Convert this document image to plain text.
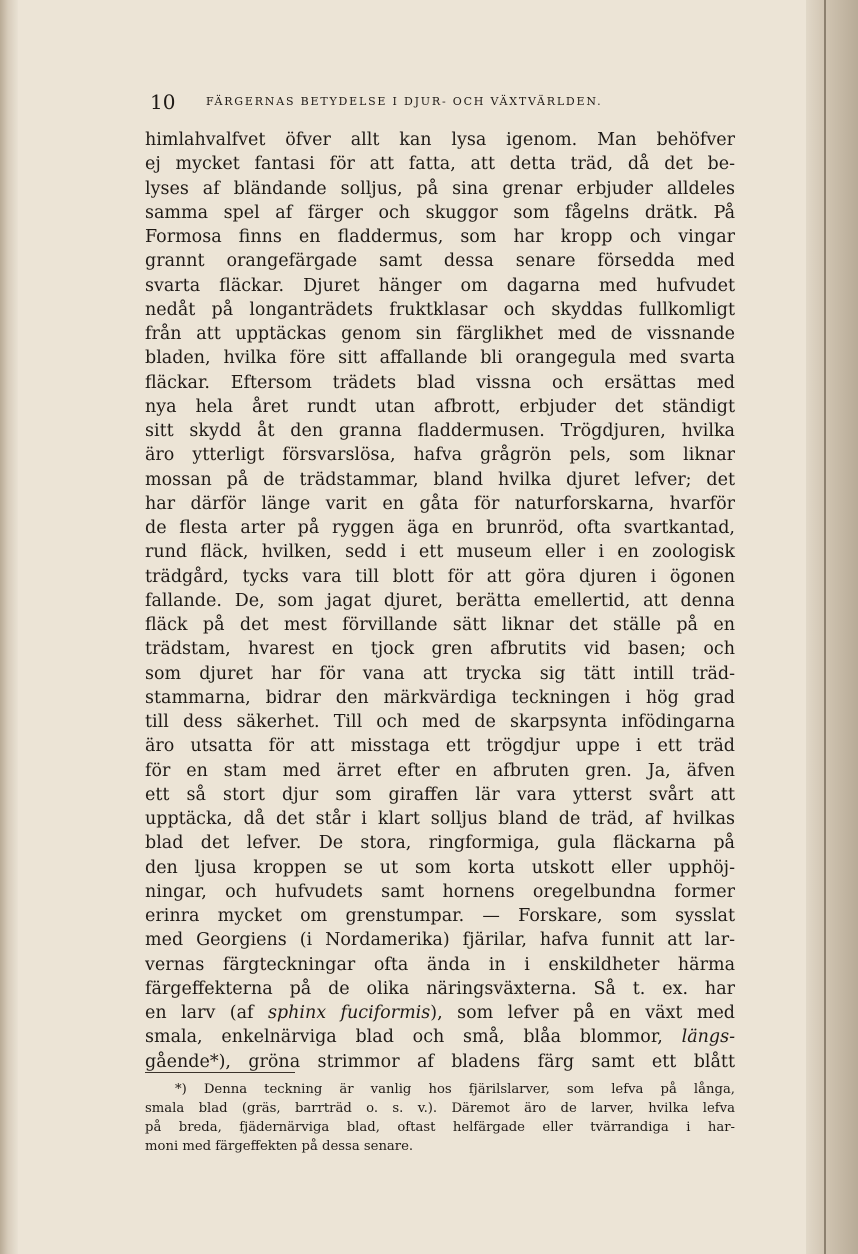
10	FÄRGERNAS BETYDELSE I DJUR- OCH VÄXTVÄRLDEN.
himlahvalfvet öfver allt kan lysa igenom. Man behöfver
ej mycket fantasi för att fatta, att detta träd, då det be-
lyses af bländande solljus, på sina grenar erbjuder alldeles
samma spel af färger och skuggor som fågelns drätk. På
Formosa finns en fladdermus, som har kropp och vingar
grannt orangefärgade samt dessa senare försedda med
svarta fläckar. Djuret hänger om dagarna med hufvudet
nedåt på longanträdets fruktklasar och skyddas fullkomligt
från att upptäckas genom sin färglikhet med de vissnande
bladen, hvilka före sitt affallande bli orangegula med svarta
fläckar. Eftersom trädets blad vissna och ersättas med
nya hela året rundt utan afbrott, erbjuder det ständigt
sitt skydd åt den granna fladdermusen. Trögdjuren, hvilka
äro ytterligt försvarslösa, hafva grågrön pels, som liknar
mossan på de trädstammar, bland hvilka djuret lefver; det
har därför länge varit en gåta för naturforskarna, hvarför
de flesta arter på ryggen äga en brunröd, ofta svartkantad,
rund fläck, hvilken, sedd i ett museum eller i en zoologisk
trädgård, tycks vara till blott för att göra djuren i ögonen
fallande. De, som jagat djuret, berätta emellertid, att denna
fläck på det mest förvillande sätt liknar det ställe på en
trädstam, hvarest en tjock gren afbrutits vid basen; och
som djuret har för vana att trycka sig tätt intill träd-
stammarna, bidrar den märkvärdiga teckningen i hög grad
till dess säkerhet. Till och med de skarpsynta infödingarna
äro utsatta för att misstaga ett trögdjur uppe i ett träd
för en stam med ärret efter en afbruten gren. Ja, äfven
ett så stort djur som giraffen lär vara ytterst svårt att
upptäcka, då det står i klart solljus bland de träd, af hvilkas
blad det lefver. De stora, ringformiga, gula fläckarna på
den ljusa kroppen se ut som korta utskott eller upphöj-
ningar, och hufvudets samt hornens oregelbundna former
erinra mycket om grenstumpar. — Forskare, som sysslat
med Georgiens (i Nordamerika) fjärilar, hafva funnit att lar-
vernas färgteckningar ofta ända in i enskildheter härma
färgeffekterna på de olika näringsväxterna. Så t. ex. har
en larv (af sphinx fuciformis), som lefver på en växt med
smala, enkelnärviga blad och små, blåa blommor, längs-
gående*), gröna strimmor af bladens färg samt ett blått
*) Denna teckning är vanlig hos fjärilslarver, som lefva på långa,
smala blad (gräs, barrträd o. s. v.). Däremot äro de larver, hvilka lefva
på breda, fjädernärviga blad, oftast helfärgade eller tvärrandiga i har-
moni med färgeffekten på dessa senare.
